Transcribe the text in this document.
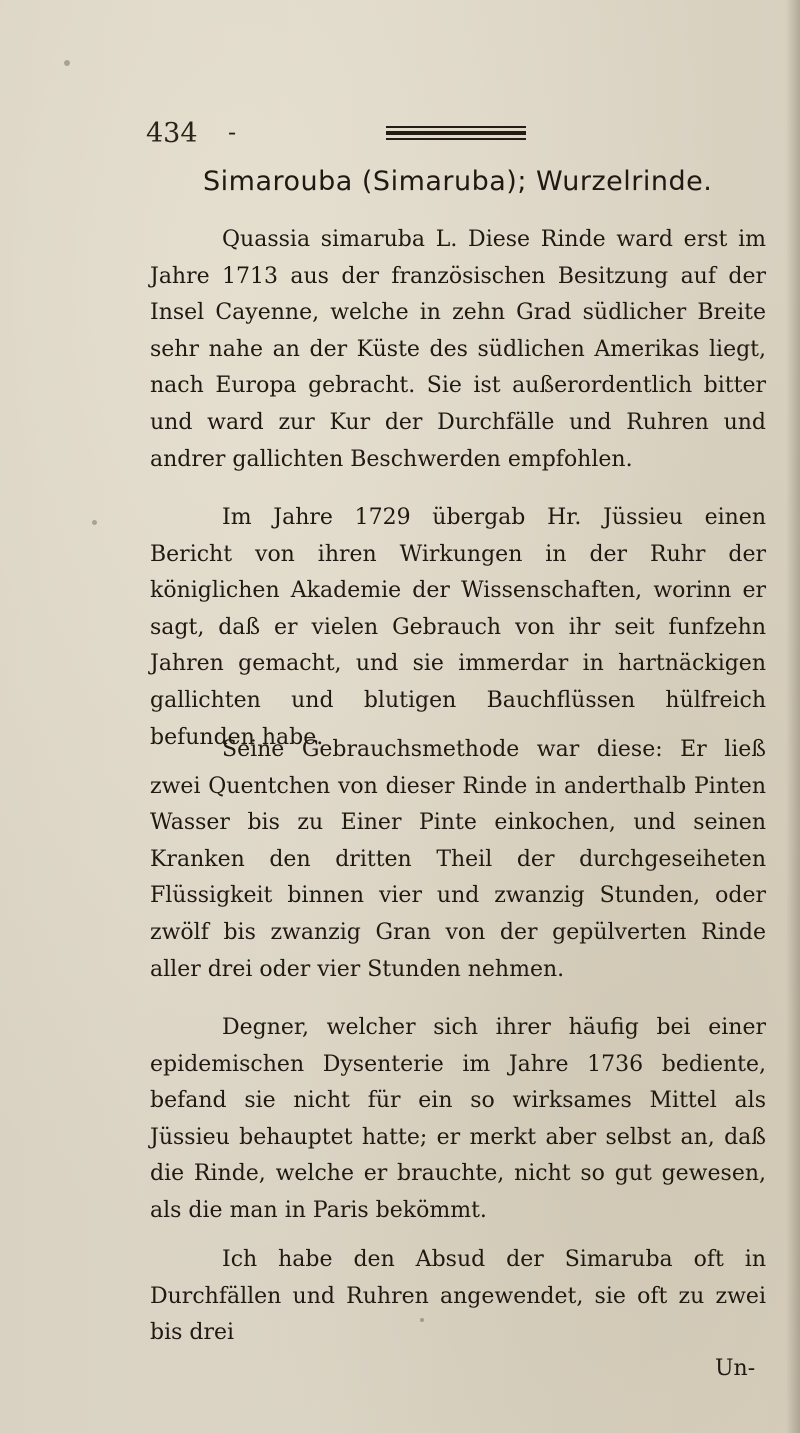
434 -
Simarouba (Simaruba); Wurzelrinde.

Quassia simaruba L. Diese Rinde ward erst im Jahre 1713 aus der französischen Besitzung auf der Insel Cayenne, welche in zehn Grad südlicher Breite sehr nahe an der Küste des südlichen Amerikas liegt, nach Europa gebracht. Sie ist außerordentlich bitter und ward zur Kur der Durchfälle und Ruhren und andrer gallichten Beschwerden empfohlen.

Im Jahre 1729 übergab Hr. Jüssieu einen Bericht von ihren Wirkungen in der Ruhr der königlichen Akademie der Wissenschaften, worinn er sagt, daß er vielen Gebrauch von ihr seit funfzehn Jahren gemacht, und sie immerdar in hartnäckigen gallichten und blutigen Bauchflüssen hülfreich befunden habe.

Seine Gebrauchsmethode war diese: Er ließ zwei Quentchen von dieser Rinde in anderthalb Pinten Wasser bis zu Einer Pinte einkochen, und seinen Kranken den dritten Theil der durchgeseiheten Flüssigkeit binnen vier und zwanzig Stunden, oder zwölf bis zwanzig Gran von der gepülverten Rinde aller drei oder vier Stunden nehmen.

Degner, welcher sich ihrer häufig bei einer epidemischen Dysenterie im Jahre 1736 bediente, befand sie nicht für ein so wirksames Mittel als Jüssieu behauptet hatte; er merkt aber selbst an, daß die Rinde, welche er brauchte, nicht so gut gewesen, als die man in Paris bekömmt.

Ich habe den Absud der Simaruba oft in Durchfällen und Ruhren angewendet, sie oft zu zwei bis drei

Un-
